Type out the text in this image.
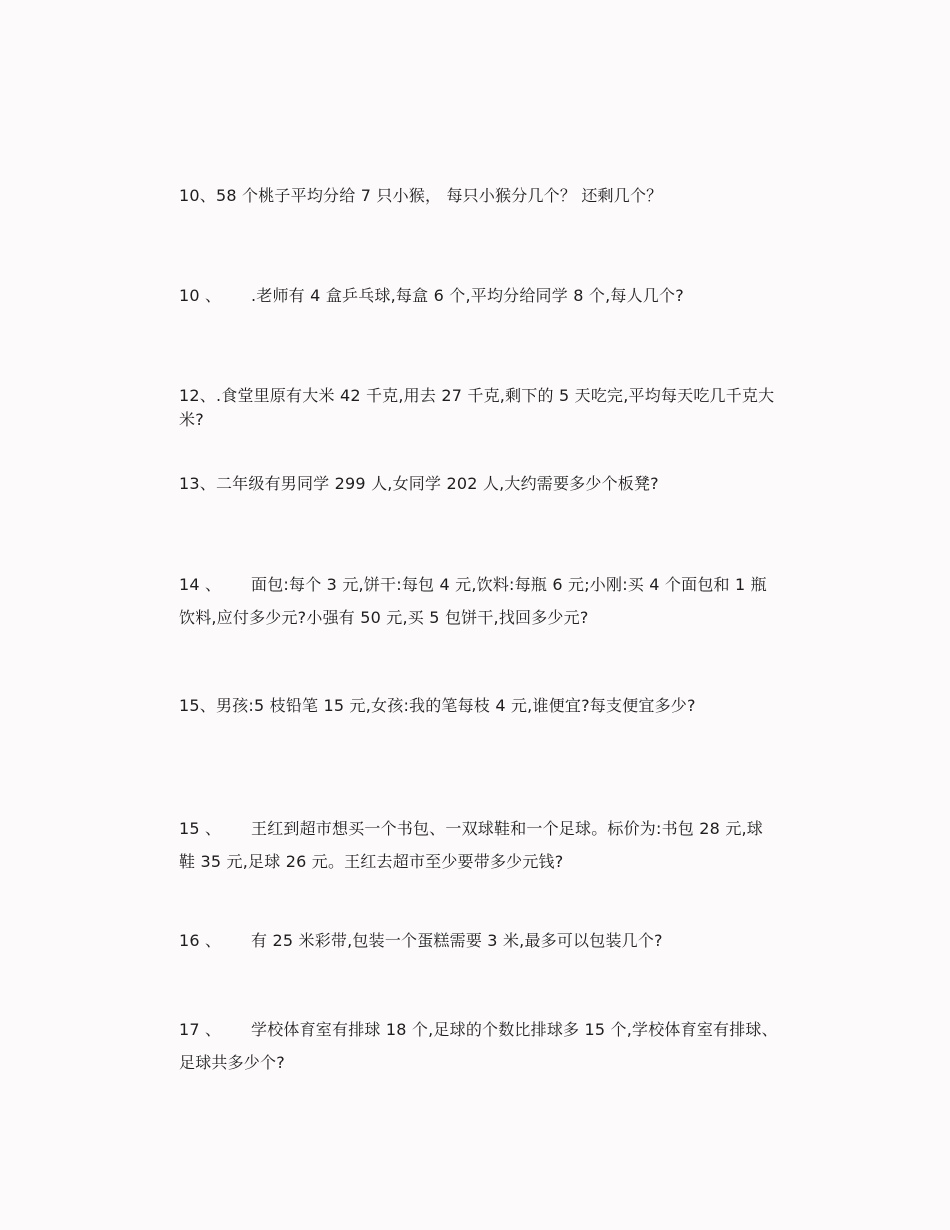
10、58 个桃子平均分给 7 只小猴， 每只小猴分几个？ 还剩几个？

10 、 .老师有 4 盒乒乓球,每盒 6 个,平均分给同学 8 个,每人几个?

12、.食堂里原有大米 42 千克,用去 27 千克,剩下的 5 天吃完,平均每天吃几千克大米?

13、二年级有男同学 299 人,女同学 202 人,大约需要多少个板凳?

14 、 面包:每个 3 元,饼干:每包 4 元,饮料:每瓶 6 元;小刚:买 4 个面包和 1 瓶饮料,应付多少元?小强有 50 元,买 5 包饼干,找回多少元?

15、男孩:5 枝铅笔 15 元,女孩:我的笔每枝 4 元,谁便宜?每支便宜多少?

15 、 王红到超市想买一个书包、一双球鞋和一个足球。标价为:书包 28 元,球鞋 35 元,足球 26 元。王红去超市至少要带多少元钱?

16 、 有 25 米彩带,包装一个蛋糕需要 3 米,最多可以包装几个?

17 、 学校体育室有排球 18 个,足球的个数比排球多 15 个,学校体育室有排球、足球共多少个?
